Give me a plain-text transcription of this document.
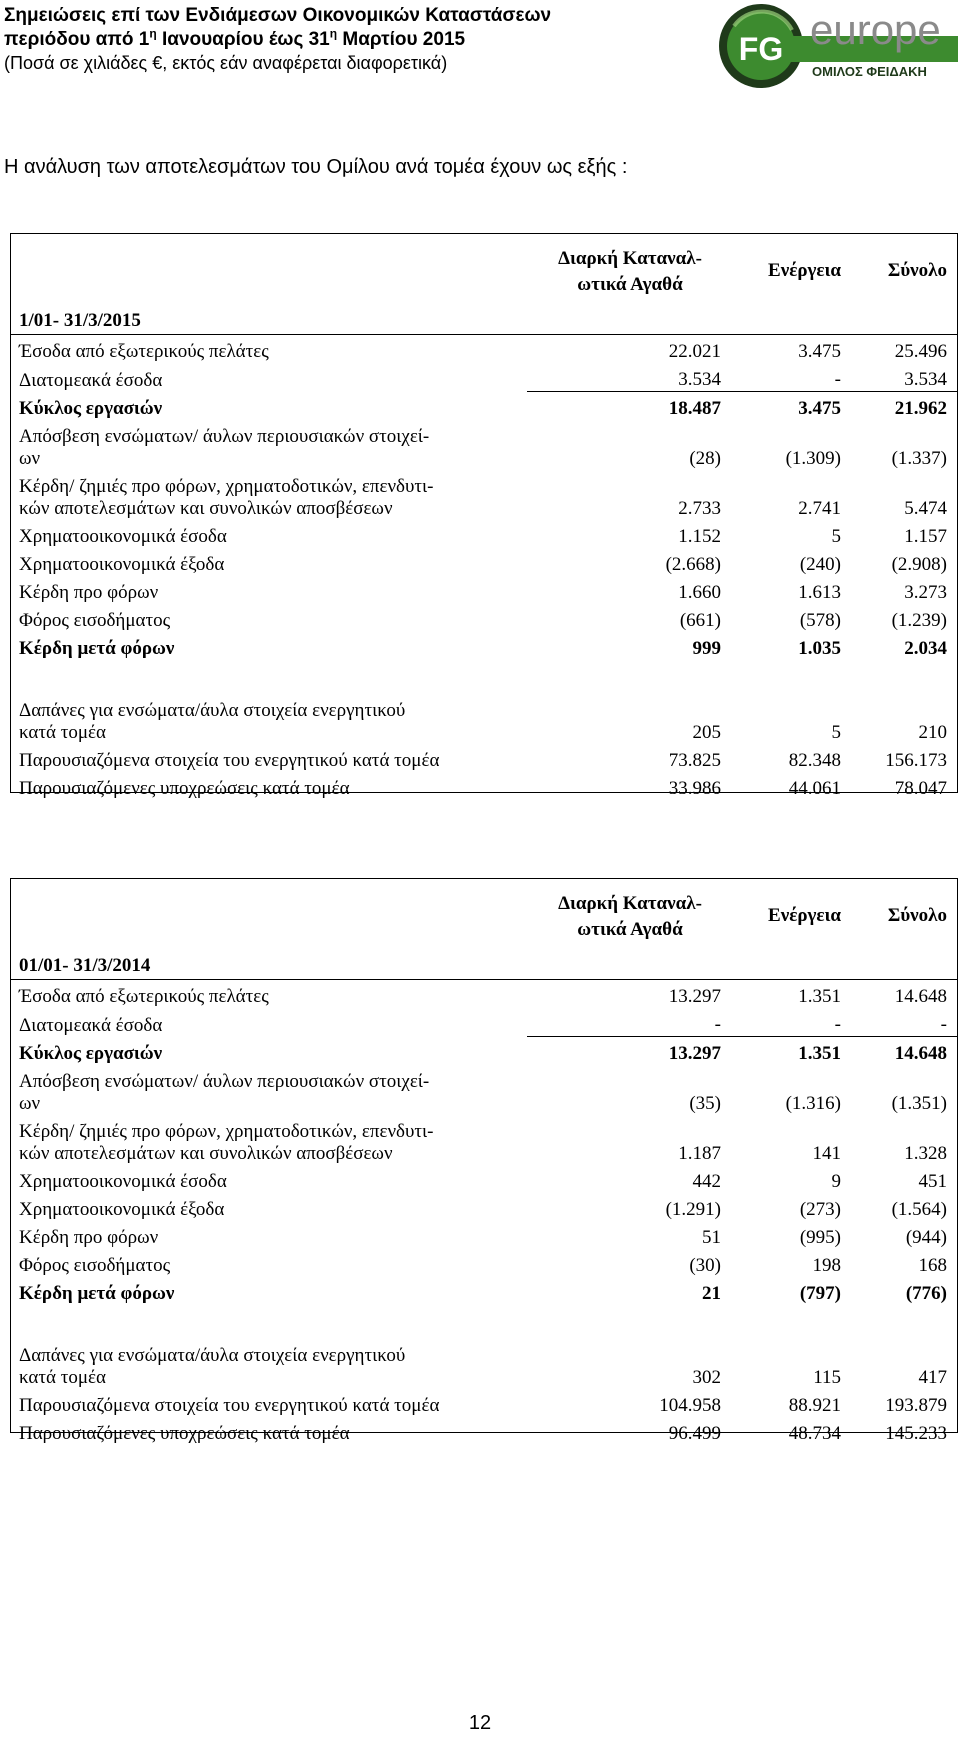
Σημειώσεις επί των Ενδιάμεσων Οικονομικών Καταστάσεων
περιόδου από $1^\eta$ Ιανουαρίου έως $31^\eta$ Μαρτίου 2015
(Ποσά σε χιλιάδες €, εκτός εάν αναφέρεται διαφορετικά)	FG europe
ΟΜΙΛΟΣ ΦΕΙΔΑΚΗ
Η ανάλυση των αποτελεσμάτων του Ομίλου ανά τομέα έχουν ως εξής :
1/01- 31/3/2015	Διαρκή Καταναλ-
ωτικά Αγαθά	Ενέργεια	Σύνολο

Έσοδα από εξωτερικούς πελάτες	22.021	3.475	25.496

Διατομεακά έσοδα	3.534	-	3.534

Κύκλος εργασιών	18.487	3.475	21.962

Απόσβεση ενσώματων/ άυλων περιουσιακών στοιχεί-
ων	(28)	(1.309)	(1.337)

Κέρδη/ ζημιές προ φόρων, χρηματοδοτικών, επενδυτι-
κών αποτελεσμάτων και συνολικών αποσβέσεων	2.733	2.741	5.474

Χρηματοοικονομικά έσοδα	1.152	5	1.157

Χρηματοοικονομικά έξοδα	(2.668)	(240)	(2.908)

Κέρδη προ φόρων	1.660	1.613	3.273

Φόρος εισοδήματος	(661)	(578)	(1.239)

Κέρδη μετά φόρων	999	1.035	2.034

Δαπάνες για ενσώματα/άυλα στοιχεία ενεργητικού
κατά τομέα	205	5	210

Παρουσιαζόμενα στοιχεία του ενεργητικού κατά τομέα	73.825	82.348	156.173

Παρουσιαζόμενες υποχρεώσεις κατά τομέα	33.986	44.061	78.047
01/01- 31/3/2014	Διαρκή Καταναλ-
ωτικά Αγαθά	Ενέργεια	Σύνολο

Έσοδα από εξωτερικούς πελάτες	13.297	1.351	14.648

Διατομεακά έσοδα	-	-	-

Κύκλος εργασιών	13.297	1.351	14.648

Απόσβεση ενσώματων/ άυλων περιουσιακών στοιχεί-
ων	(35)	(1.316)	(1.351)

Κέρδη/ ζημιές προ φόρων, χρηματοδοτικών, επενδυτι-
κών αποτελεσμάτων και συνολικών αποσβέσεων	1.187	141	1.328

Χρηματοοικονομικά έσοδα	442	9	451

Χρηματοοικονομικά έξοδα	(1.291)	(273)	(1.564)

Κέρδη προ φόρων	51	(995)	(944)

Φόρος εισοδήματος	(30)	198	168

Κέρδη μετά φόρων	21	(797)	(776)

Δαπάνες για ενσώματα/άυλα στοιχεία ενεργητικού
κατά τομέα	302	115	417

Παρουσιαζόμενα στοιχεία του ενεργητικού κατά τομέα	104.958	88.921	193.879

Παρουσιαζόμενες υποχρεώσεις κατά τομέα	96.499	48.734	145.233
12
